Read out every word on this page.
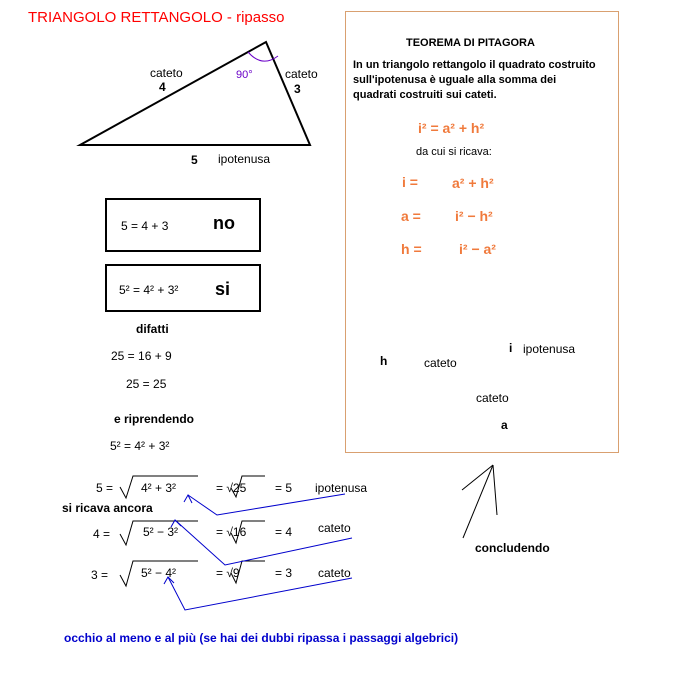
TRIANGOLO RETTANGOLO - ripasso
cateto
4
90°	cateto
3
5 ipotenusa
5 = 4 + 3 no
5² = 4² + 3² si
difatti
25 = 16 + 9
25 = 25
e riprendendo
5² = 4² + 3²
5 = 4² + 3²	= √25 = 5 ipotenusa
si ricava ancora
4 =	5² − 3²	= √16 = 4 cateto
3 =	5² − 4²	= √9	= 3 cateto
concludendo
TEOREMA DI PITAGORA
In un triangolo rettangolo il quadrato costruito
sull'ipotenusa è uguale alla somma dei
quadrati costruiti sui cateti.
i² = a² + h²
da cui si ricava:
i = a² + h²
a = i² − h²
h =	i² − a²
h	cateto
i ipotenusa
cateto
a
occhio al meno e al più (se hai dei dubbi ripassa i passaggi algebrici)
